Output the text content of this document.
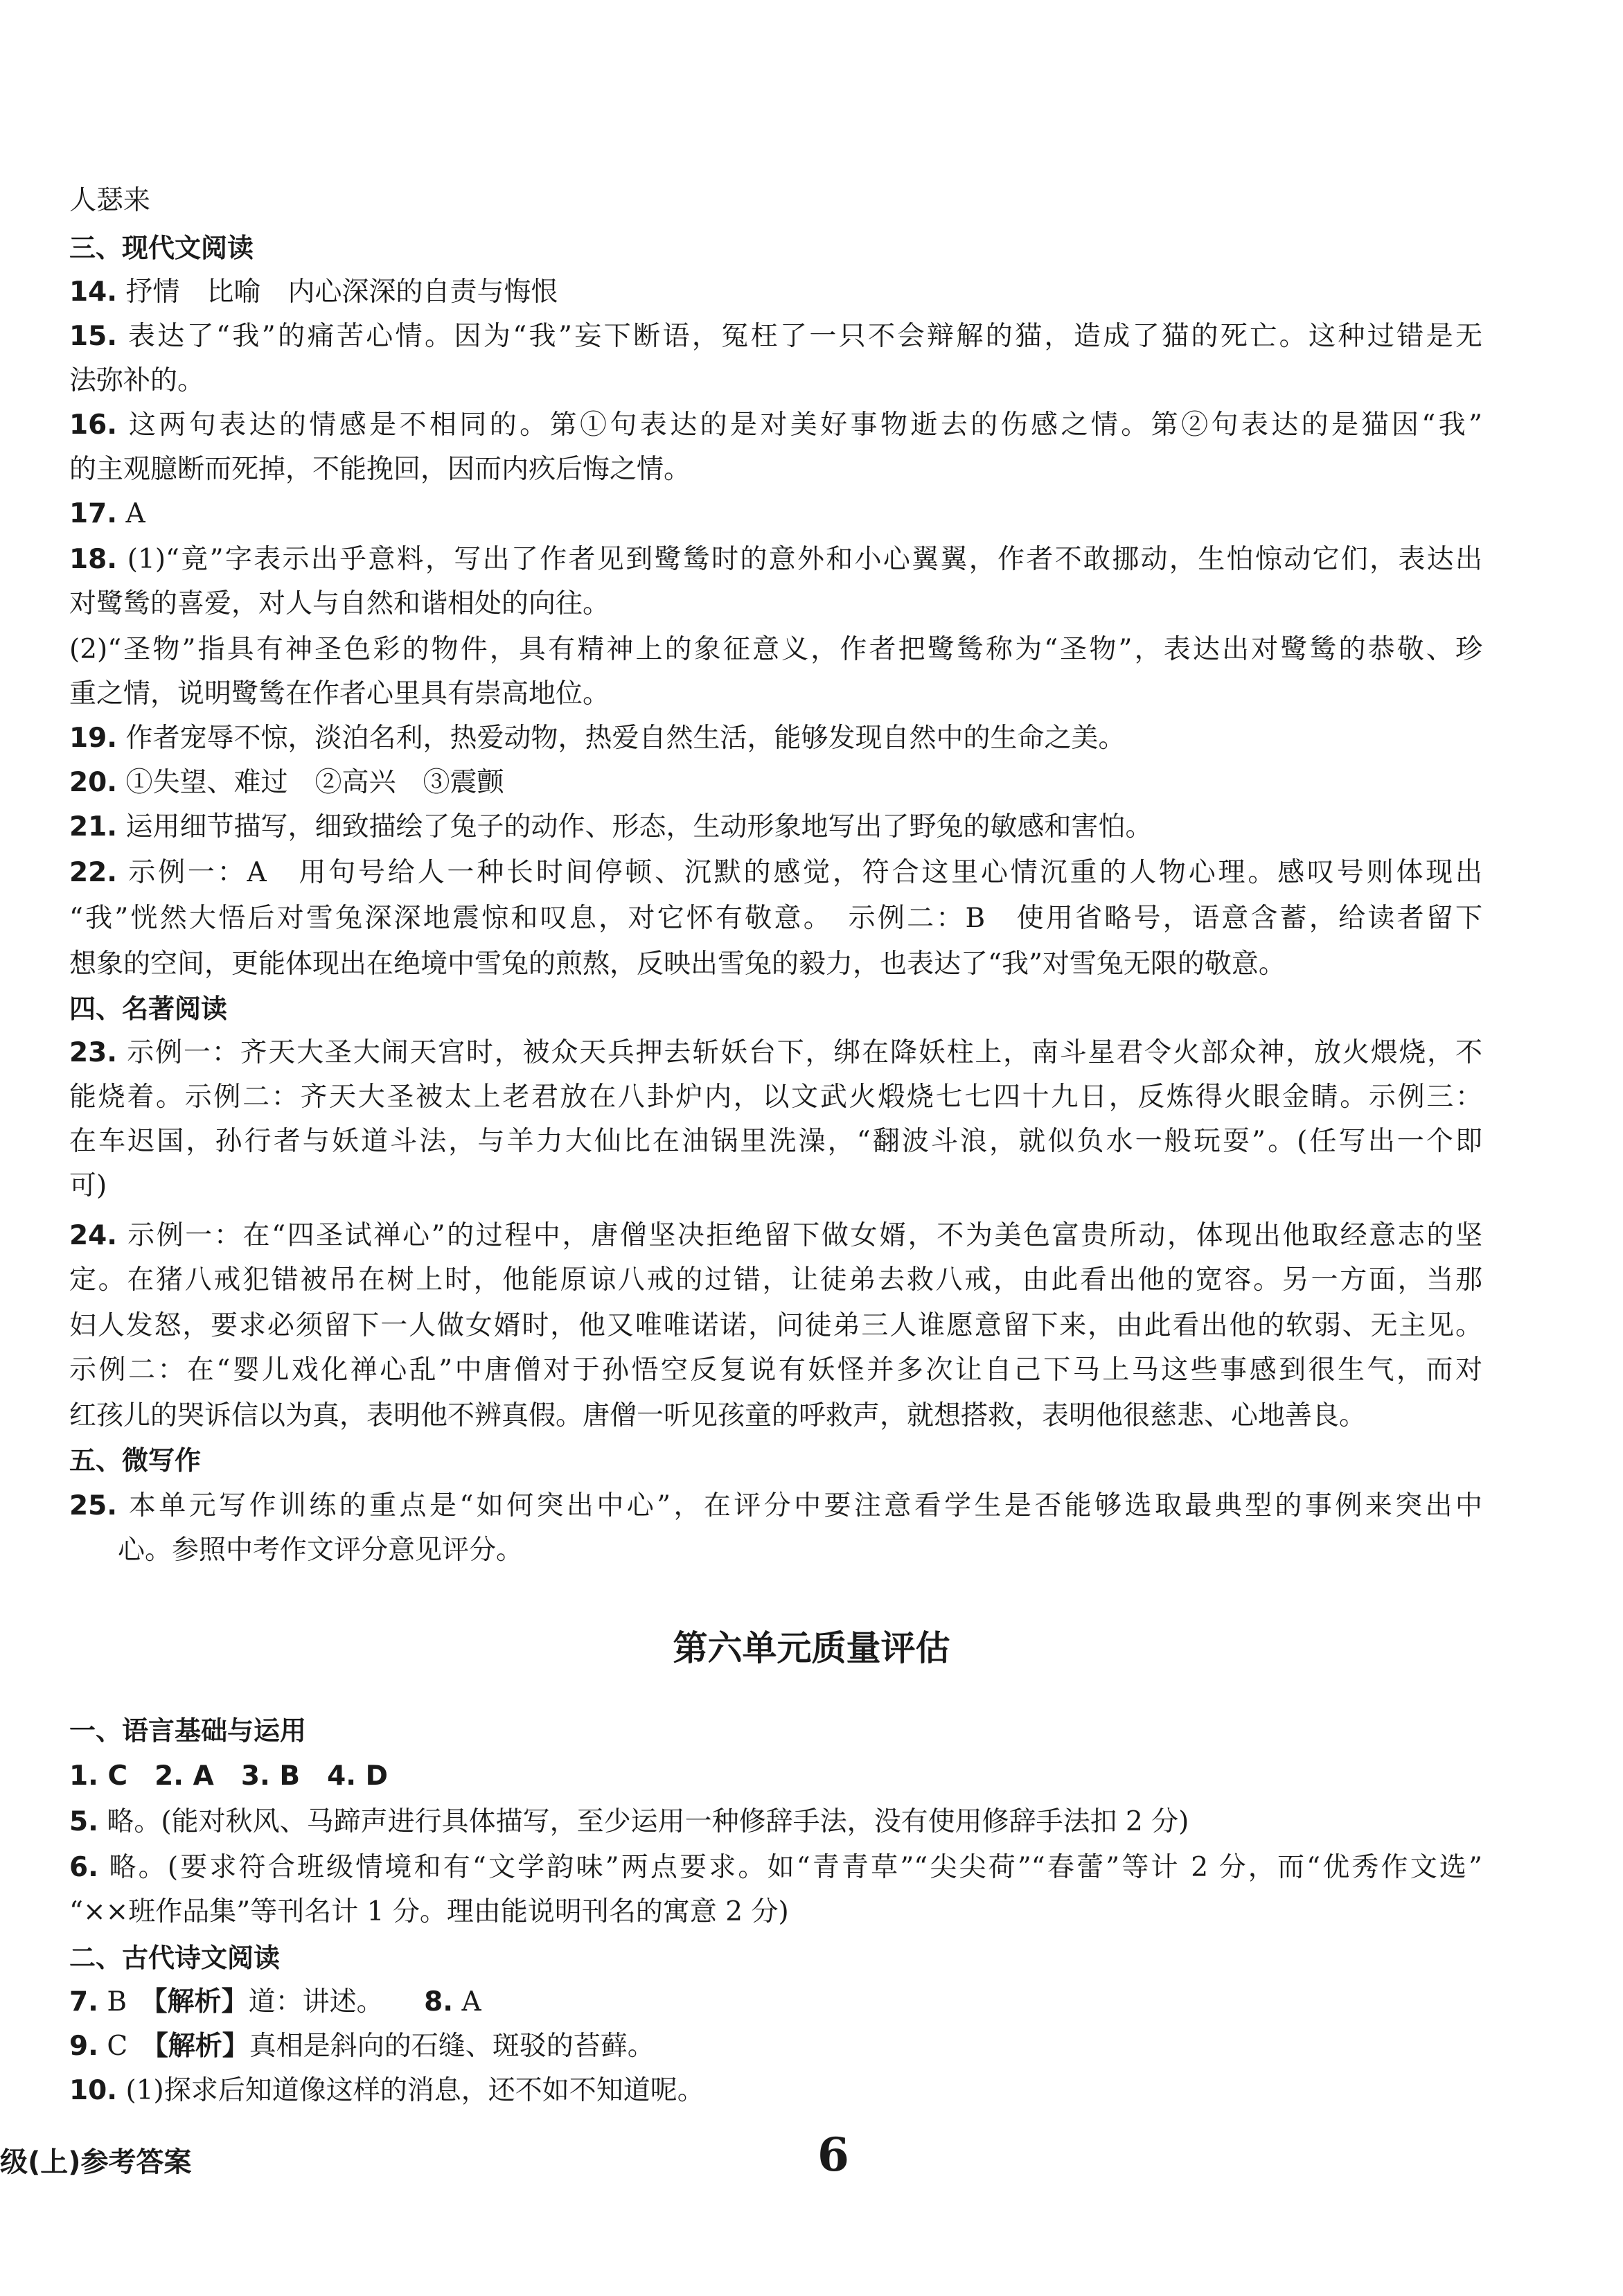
人瑟来

三、现代文阅读

14. 抒情　比喻　内心深深的自责与悔恨

15. 表达了“我”的痛苦心情。因为“我”妄下断语，冤枉了一只不会辩解的猫，造成了猫的死亡。这种过错是无

法弥补的。

16. 这两句表达的情感是不相同的。第①句表达的是对美好事物逝去的伤感之情。第②句表达的是猫因“我”

的主观臆断而死掉，不能挽回，因而内疚后悔之情。

17. A

18. (1)“竟”字表示出乎意料，写出了作者见到鹭鸶时的意外和小心翼翼，作者不敢挪动，生怕惊动它们，表达出

对鹭鸶的喜爱，对人与自然和谐相处的向往。

(2)“圣物”指具有神圣色彩的物件，具有精神上的象征意义，作者把鹭鸶称为“圣物”，表达出对鹭鸶的恭敬、珍

重之情，说明鹭鸶在作者心里具有崇高地位。

19. 作者宠辱不惊，淡泊名利，热爱动物，热爱自然生活，能够发现自然中的生命之美。

20. ①失望、难过　②高兴　③震颤

21. 运用细节描写，细致描绘了兔子的动作、形态，生动形象地写出了野兔的敏感和害怕。

22. 示例一：A　用句号给人一种长时间停顿、沉默的感觉，符合这里心情沉重的人物心理。感叹号则体现出

“我”恍然大悟后对雪兔深深地震惊和叹息，对它怀有敬意。　示例二：B　使用省略号，语意含蓄，给读者留下

想象的空间，更能体现出在绝境中雪兔的煎熬，反映出雪兔的毅力，也表达了“我”对雪兔无限的敬意。

四、名著阅读

23. 示例一：齐天大圣大闹天宫时，被众天兵押去斩妖台下，绑在降妖柱上，南斗星君令火部众神，放火煨烧，不

能烧着。示例二：齐天大圣被太上老君放在八卦炉内，以文武火煅烧七七四十九日，反炼得火眼金睛。示例三：

在车迟国，孙行者与妖道斗法，与羊力大仙比在油锅里洗澡，“翻波斗浪，就似负水一般玩耍”。(任写出一个即

可)

24. 示例一：在“四圣试禅心”的过程中，唐僧坚决拒绝留下做女婿，不为美色富贵所动，体现出他取经意志的坚

定。在猪八戒犯错被吊在树上时，他能原谅八戒的过错，让徒弟去救八戒，由此看出他的宽容。另一方面，当那

妇人发怒，要求必须留下一人做女婿时，他又唯唯诺诺，问徒弟三人谁愿意留下来，由此看出他的软弱、无主见。

示例二：在“婴儿戏化禅心乱”中唐僧对于孙悟空反复说有妖怪并多次让自己下马上马这些事感到很生气，而对

红孩儿的哭诉信以为真，表明他不辨真假。唐僧一听见孩童的呼救声，就想搭救，表明他很慈悲、心地善良。

五、微写作

25. 本单元写作训练的重点是“如何突出中心”，在评分中要注意看学生是否能够选取最典型的事例来突出中

心。参照中考作文评分意见评分。

第六单元质量评估

一、语言基础与运用

1. C　2. A　3. B　4. D

5. 略。(能对秋风、马蹄声进行具体描写，至少运用一种修辞手法，没有使用修辞手法扣 2 分)

6. 略。(要求符合班级情境和有“文学韵味”两点要求。如“青青草”“尖尖荷”“春蕾”等计 2 分，而“优秀作文选”

“××班作品集”等刊名计 1 分。理由能说明刊名的寓意 2 分)

二、古代诗文阅读

7. B　 【解析】道：讲述。　　 8. A

9. C　 【解析】真相是斜向的石缝、斑驳的苔藓。

10. (1)探求后知道像这样的消息，还不如不知道呢。

级(上)参考答案	6
